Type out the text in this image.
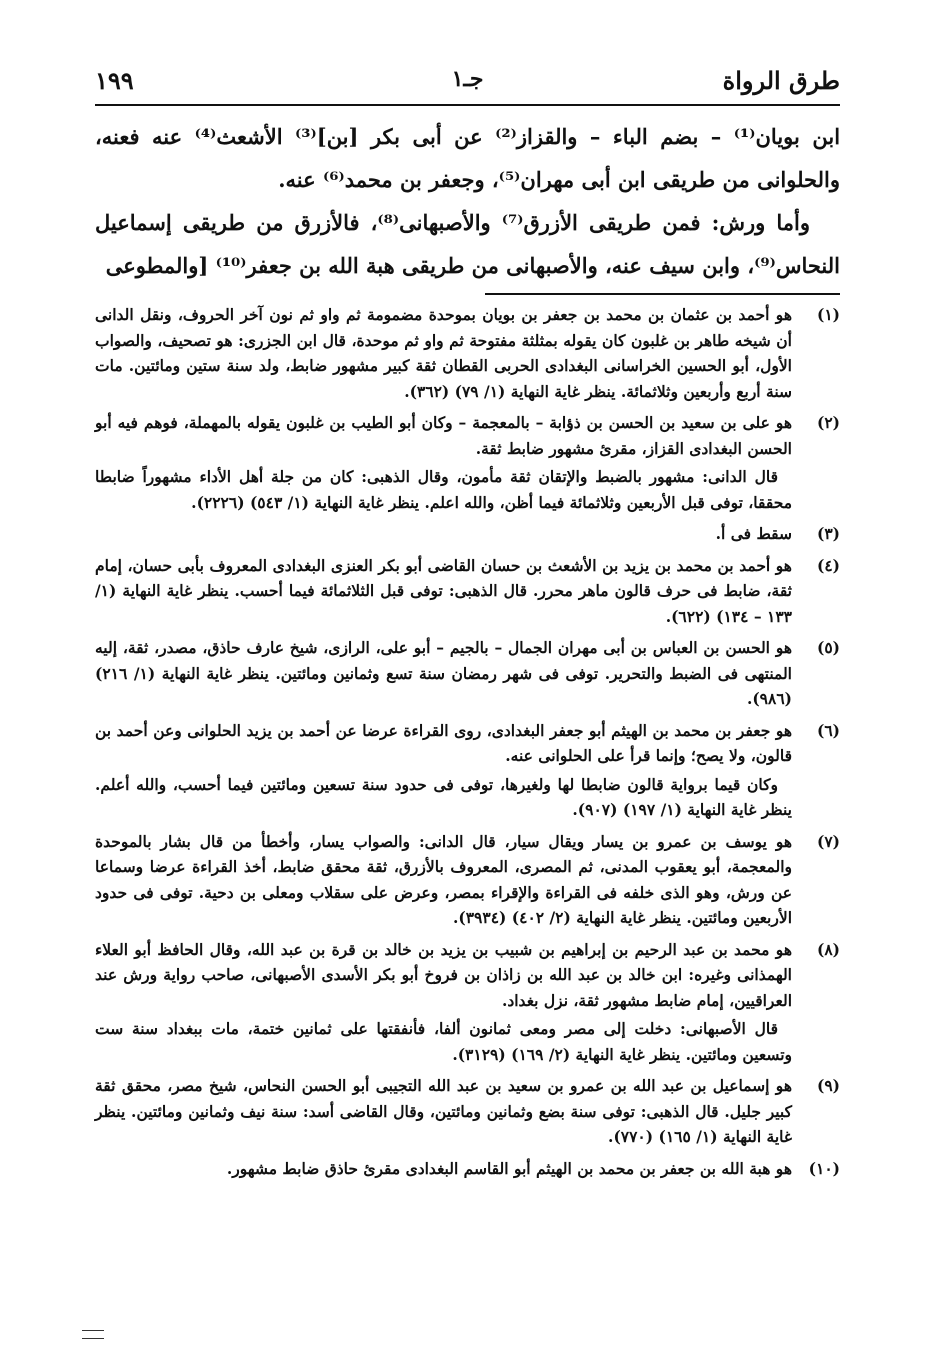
طرق الرواة
جـ١
١٩٩

ابن بويان⁽¹⁾ – بضم الباء – والقزاز⁽²⁾ عن أبى بكر [بن]⁽³⁾ الأشعث⁽⁴⁾ عنه فعنه، والحلوانى من طريقى ابن أبى مهران⁽⁵⁾، وجعفر بن محمد⁽⁶⁾ عنه.

وأما ورش: فمن طريقى الأزرق⁽⁷⁾ والأصبهانى⁽⁸⁾، فالأزرق من طريقى إسماعيل النحاس⁽⁹⁾، وابن سيف عنه، والأصبهانى من طريقى هبة الله بن جعفر⁽¹⁰⁾ [والمطوعى

(١)

هو أحمد بن عثمان بن محمد بن جعفر بن بويان بموحدة مضمومة ثم واو ثم نون آخر الحروف، ونقل الدانى أن شيخه طاهر بن غلبون كان يقوله بمثلثة مفتوحة ثم واو ثم موحدة، قال ابن الجزرى: هو تصحيف، والصواب الأول، أبو الحسين الخراسانى البغدادى الحربى القطان ثقة كبير مشهور ضابط، ولد سنة ستين ومائتين. مات سنة أربع وأربعين وثلاثمائة. ينظر غاية النهاية (١/ ٧٩) (٣٦٢).

(٢)

هو على بن سعيد بن الحسن بن ذؤابة – بالمعجمة – وكان أبو الطيب بن غلبون يقوله بالمهملة، فوهم فيه أبو الحسن البغدادى القزاز، مقرئ مشهور ضابط ثقة.

قال الدانى: مشهور بالضبط والإتقان ثقة مأمون، وقال الذهبى: كان من جلة أهل الأداء مشهوراً ضابطا محققا، توفى قبل الأربعين وثلاثمائة فيما أظن، والله اعلم. ينظر غاية النهاية (١/ ٥٤٣) (٢٢٢٦).

(٣)

سقط فى أ.

(٤)

هو أحمد بن محمد بن يزيد بن الأشعث بن حسان القاضى أبو بكر العنزى البغدادى المعروف بأبى حسان، إمام ثقة، ضابط فى حرف قالون ماهر محرر. قال الذهبى: توفى قبل الثلاثمائة فيما أحسب. ينظر غاية النهاية (١/ ١٣٣ – ١٣٤) (٦٢٢).

(٥)

هو الحسن بن العباس بن أبى مهران الجمال – بالجيم – أبو على، الرازى، شيخ عارف حاذق، مصدر، ثقة، إليه المنتهى فى الضبط والتحرير. توفى فى شهر رمضان سنة تسع وثمانين ومائتين. ينظر غاية النهاية (١/ ٢١٦) (٩٨٦).

(٦)

هو جعفر بن محمد بن الهيثم أبو جعفر البغدادى، روى القراءة عرضا عن أحمد بن يزيد الحلوانى وعن أحمد بن قالون، ولا يصح؛ وإنما قرأ على الحلوانى عنه.

وكان قيما برواية قالون ضابطا لها ولغيرها، توفى فى حدود سنة تسعين ومائتين فيما أحسب، والله أعلم. ينظر غاية النهاية (١/ ١٩٧) (٩٠٧).

(٧)

هو يوسف بن عمرو بن يسار ويقال سيار، قال الدانى: والصواب يسار، وأخطأ من قال بشار بالموحدة والمعجمة، أبو يعقوب المدنى، ثم المصرى، المعروف بالأزرق، ثقة محقق ضابط، أخذ القراءة عرضا وسماعا عن ورش، وهو الذى خلفه فى القراءة والإقراء بمصر، وعرض على سقلاب ومعلى بن دحية. توفى فى حدود الأربعين ومائتين. ينظر غاية النهاية (٢/ ٤٠٢) (٣٩٣٤).

(٨)

هو محمد بن عبد الرحيم بن إبراهيم بن شبيب بن يزيد بن خالد بن قرة بن عبد الله، وقال الحافظ أبو العلاء الهمذانى وغيره: ابن خالد بن عبد الله بن زاذان بن فروخ أبو بكر الأسدى الأصبهانى، صاحب رواية ورش عند العراقيين، إمام ضابط مشهور ثقة، نزل بغداد.

قال الأصبهانى: دخلت إلى مصر ومعى ثمانون ألفا، فأنفقتها على ثمانين ختمة، مات ببغداد سنة ست وتسعين ومائتين. ينظر غاية النهاية (٢/ ١٦٩) (٣١٢٩).

(٩)

هو إسماعيل بن عبد الله بن عمرو بن سعيد بن عبد الله التجيبى أبو الحسن النحاس، شيخ مصر، محقق ثقة كبير جليل. قال الذهبى: توفى سنة بضع وثمانين ومائتين، وقال القاضى أسد: سنة نيف وثمانين ومائتين. ينظر غاية النهاية (١/ ١٦٥) (٧٧٠).

(١٠)

هو هبة الله بن جعفر بن محمد بن الهيثم أبو القاسم البغدادى مقرئ حاذق ضابط مشهور.
